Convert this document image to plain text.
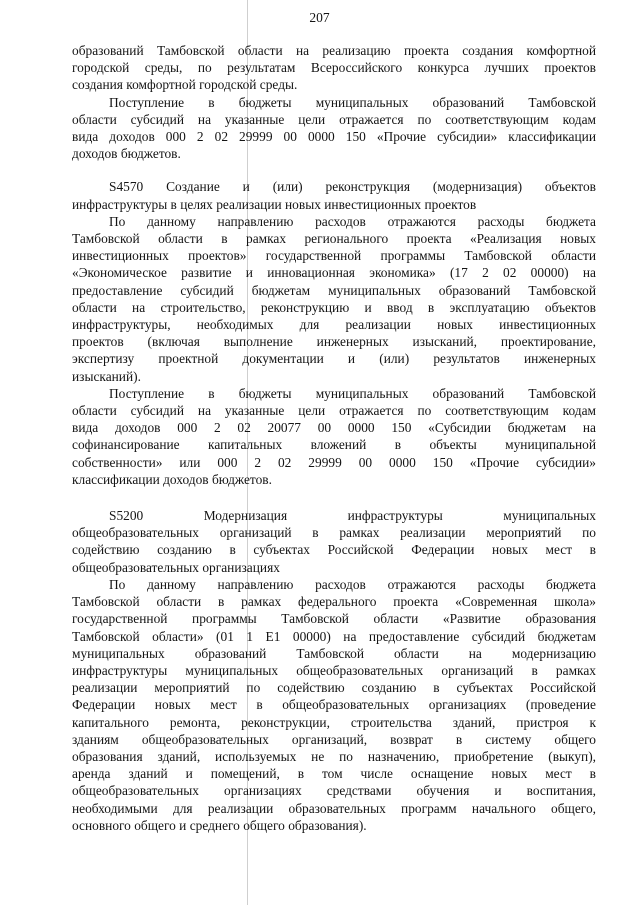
207
образований Тамбовской области на реализацию проекта создания комфортной
городской среды, по результатам Всероссийского конкурса лучших проектов
создания комфортной городской среды.
Поступление в бюджеты муниципальных образований Тамбовской
области субсидий на указанные цели отражается по соответствующим кодам
вида доходов 000 2 02 29999 00 0000 150 «Прочие субсидии» классификации
доходов бюджетов.
S4570 Создание и (или) реконструкция (модернизация) объектов
инфраструктуры в целях реализации новых инвестиционных проектов
По данному направлению расходов отражаются расходы бюджета
Тамбовской области в рамках регионального проекта «Реализация новых
инвестиционных проектов» государственной программы Тамбовской области
«Экономическое развитие и инновационная экономика» (17 2 02 00000) на
предоставление субсидий бюджетам муниципальных образований Тамбовской
области на строительство, реконструкцию и ввод в эксплуатацию объектов
инфраструктуры, необходимых для реализации новых инвестиционных
проектов (включая выполнение инженерных изысканий, проектирование,
экспертизу проектной документации и (или) результатов инженерных
изысканий).
Поступление в бюджеты муниципальных образований Тамбовской
области субсидий на указанные цели отражается по соответствующим кодам
вида доходов 000 2 02 20077 00 0000 150 «Субсидии бюджетам на
софинансирование капитальных вложений в объекты муниципальной
собственности» или 000 2 02 29999 00 0000 150 «Прочие субсидии»
классификации доходов бюджетов.
S5200 Модернизация инфраструктуры муниципальных
общеобразовательных организаций в рамках реализации мероприятий по
содействию созданию в субъектах Российской Федерации новых мест в
общеобразовательных организациях
По данному направлению расходов отражаются расходы бюджета
Тамбовской области в рамках федерального проекта «Современная школа»
государственной программы Тамбовской области «Развитие образования
Тамбовской области» (01 1 E1 00000) на предоставление субсидий бюджетам
муниципальных образований Тамбовской области на модернизацию
инфраструктуры муниципальных общеобразовательных организаций в рамках
реализации мероприятий по содействию созданию в субъектах Российской
Федерации новых мест в общеобразовательных организациях (проведение
капитального ремонта, реконструкции, строительства зданий, пристроя к
зданиям общеобразовательных организаций, возврат в систему общего
образования зданий, используемых не по назначению, приобретение (выкуп),
аренда зданий и помещений, в том числе оснащение новых мест в
общеобразовательных организациях средствами обучения и воспитания,
необходимыми для реализации образовательных программ начального общего,
основного общего и среднего общего образования).
